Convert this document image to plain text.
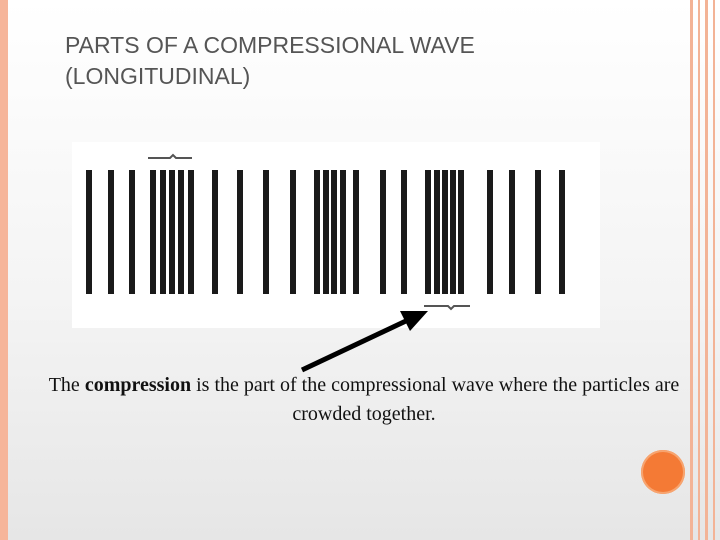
PARTS OF A COMPRESSIONAL WAVE
(LONGITUDINAL)
The compression is the part of the compressional wave where the particles are crowded together.
